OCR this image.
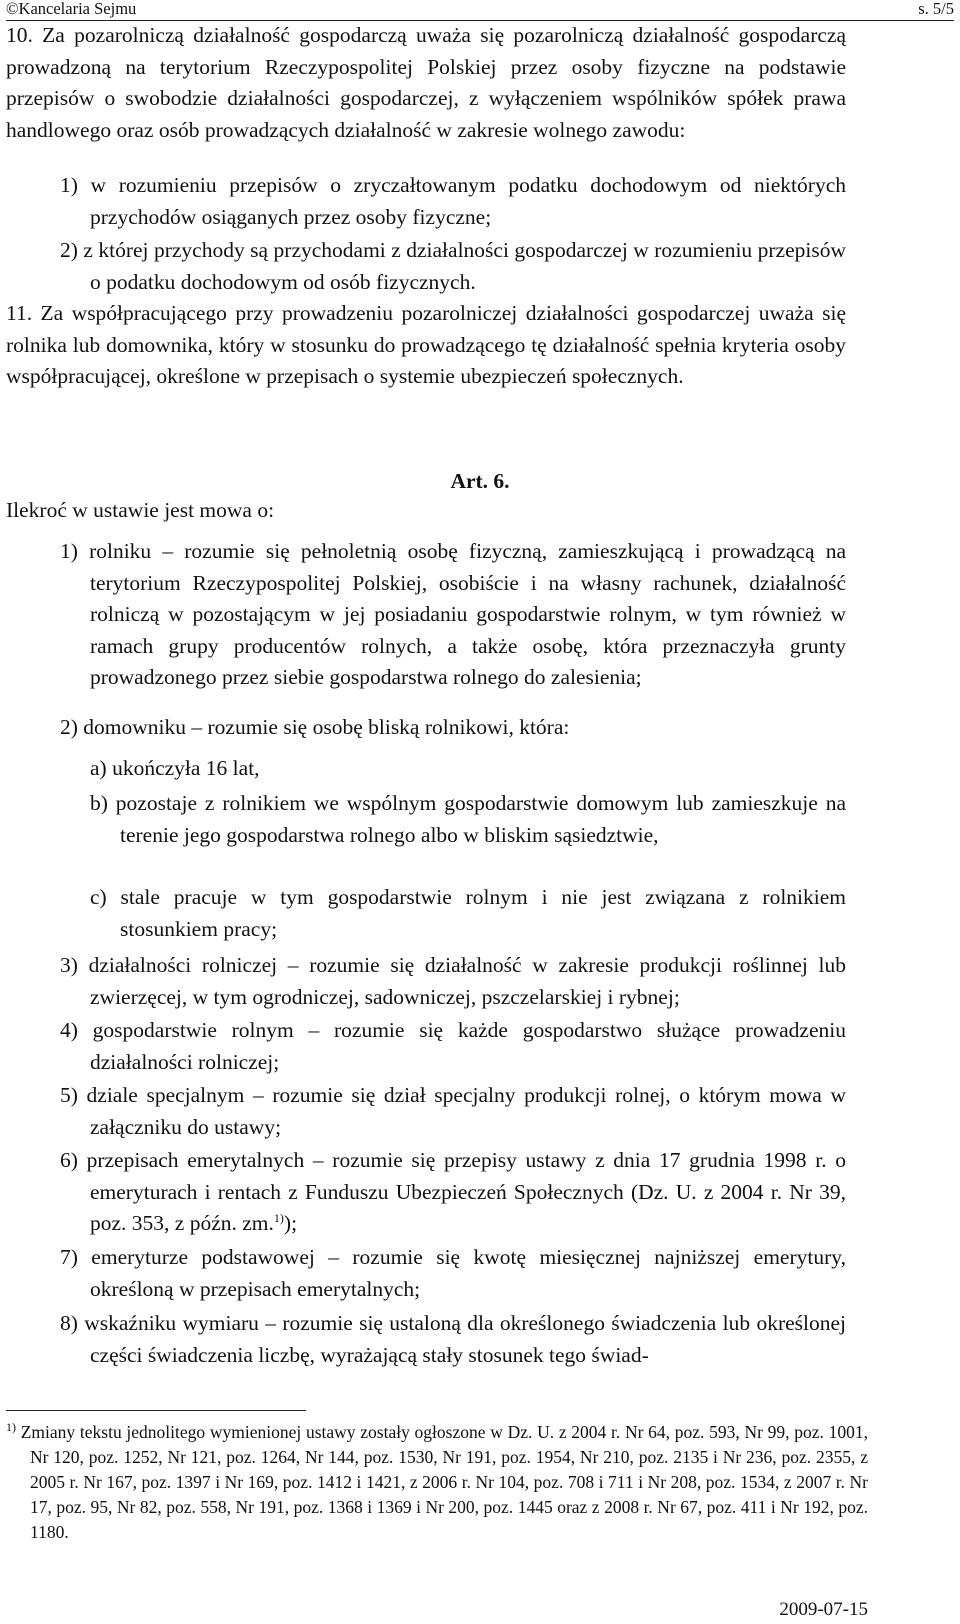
©Kancelaria Sejmu	s. 5/5

10. Za pozarolniczą działalność gospodarczą uważa się pozarolniczą działalność gospodarczą prowadzoną na terytorium Rzeczypospolitej Polskiej przez osoby fizyczne na podstawie przepisów o swobodzie działalności gospodarczej, z wyłączeniem wspólników spółek prawa handlowego oraz osób prowadzących działalność w zakresie wolnego zawodu:

1) w rozumieniu przepisów o zryczałtowanym podatku dochodowym od niektórych przychodów osiąganych przez osoby fizyczne;

2) z której przychody są przychodami z działalności gospodarczej w rozumieniu przepisów o podatku dochodowym od osób fizycznych.

11. Za współpracującego przy prowadzeniu pozarolniczej działalności gospodarczej uważa się rolnika lub domownika, który w stosunku do prowadzącego tę działalność spełnia kryteria osoby współpracującej, określone w przepisach o systemie ubezpieczeń społecznych.

Art. 6.

Ilekroć w ustawie jest mowa o:

1) rolniku – rozumie się pełnoletnią osobę fizyczną, zamieszkującą i prowadzącą na terytorium Rzeczypospolitej Polskiej, osobiście i na własny rachunek, działalność rolniczą w pozostającym w jej posiadaniu gospodarstwie rolnym, w tym również w ramach grupy producentów rolnych, a także osobę, która przeznaczyła grunty prowadzonego przez siebie gospodarstwa rolnego do zalesienia;

2) domowniku – rozumie się osobę bliską rolnikowi, która:

a) ukończyła 16 lat,

b) pozostaje z rolnikiem we wspólnym gospodarstwie domowym lub zamieszkuje na terenie jego gospodarstwa rolnego albo w bliskim sąsiedztwie,

c) stale pracuje w tym gospodarstwie rolnym i nie jest związana z rolnikiem stosunkiem pracy;

3) działalności rolniczej – rozumie się działalność w zakresie produkcji roślinnej lub zwierzęcej, w tym ogrodniczej, sadowniczej, pszczelarskiej i rybnej;

4) gospodarstwie rolnym – rozumie się każde gospodarstwo służące prowadzeniu działalności rolniczej;

5) dziale specjalnym – rozumie się dział specjalny produkcji rolnej, o którym mowa w załączniku do ustawy;

6) przepisach emerytalnych – rozumie się przepisy ustawy z dnia 17 grudnia 1998 r. o emeryturach i rentach z Funduszu Ubezpieczeń Społecznych (Dz. U. z 2004 r. Nr 39, poz. 353, z późn. zm.$^{1)}$);

7) emeryturze podstawowej – rozumie się kwotę miesięcznej najniższej emerytury, określoną w przepisach emerytalnych;

8) wskaźniku wymiaru – rozumie się ustaloną dla określonego świadczenia lub określonej części świadczenia liczbę, wyrażającą stały stosunek tego świad-

$^{1)}$ Zmiany tekstu jednolitego wymienionej ustawy zostały ogłoszone w Dz. U. z 2004 r. Nr 64, poz. 593, Nr 99, poz. 1001, Nr 120, poz. 1252, Nr 121, poz. 1264, Nr 144, poz. 1530, Nr 191, poz. 1954, Nr 210, poz. 2135 i Nr 236, poz. 2355, z 2005 r. Nr 167, poz. 1397 i Nr 169, poz. 1412 i 1421, z 2006 r. Nr 104, poz. 708 i 711 i Nr 208, poz. 1534, z 2007 r. Nr 17, poz. 95, Nr 82, poz. 558, Nr 191, poz. 1368 i 1369 i Nr 200, poz. 1445 oraz z 2008 r. Nr 67, poz. 411 i Nr 192, poz. 1180.
2009-07-15
